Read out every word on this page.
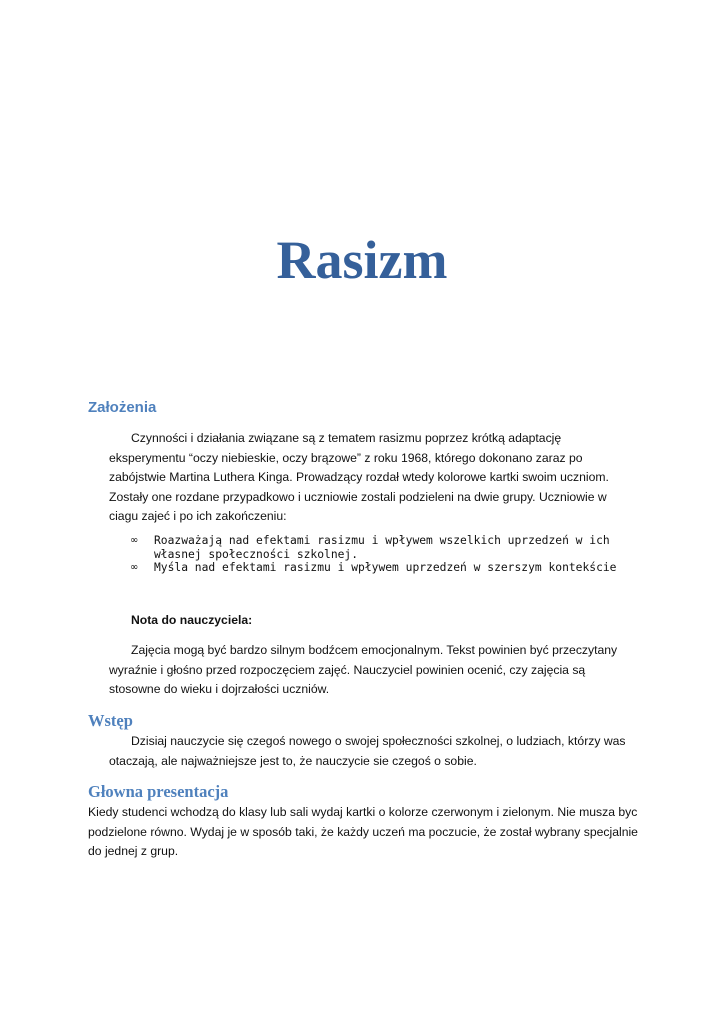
Rasizm
Założenia

Czynności i działania związane są z tematem rasizmu poprzez krótką adaptację eksperymentu “oczy niebieskie, oczy brązowe” z roku 1968, którego dokonano zaraz po zabójstwie Martina Luthera Kinga. Prowadzący rozdał wtedy kolorowe kartki swoim uczniom. Zostały one rozdane przypadkowo i uczniowie zostali podzieleni na dwie grupy. Uczniowie w ciagu zajeć i po ich zakończeniu:

∞	Roazważają nad efektami rasizmu i wpływem wszelkich uprzedzeń w ich własnej społeczności szkolnej.
∞	Myśla nad efektami rasizmu i wpływem uprzedzeń w szerszym kontekście

Nota do nauczyciela:

Zajęcia mogą być bardzo silnym bodźcem emocjonalnym. Tekst powinien być przeczytany wyraźnie i głośno przed rozpoczęciem zajęć. Nauczyciel powinien ocenić, czy zajęcia są stosowne do wieku i dojrzałości uczniów.

Wstęp

Dzisiaj nauczycie się czegoś nowego o swojej społeczności szkolnej, o ludziach, którzy was otaczają, ale najważniejsze jest to, że nauczycie sie czegoś o sobie.

Głowna presentacja

Kiedy studenci wchodzą do klasy lub sali wydaj kartki o kolorze czerwonym i zielonym. Nie musza byc podzielone równo. Wydaj je w sposób taki, że każdy uczeń ma poczucie, że został wybrany specjalnie do jednej z grup.
